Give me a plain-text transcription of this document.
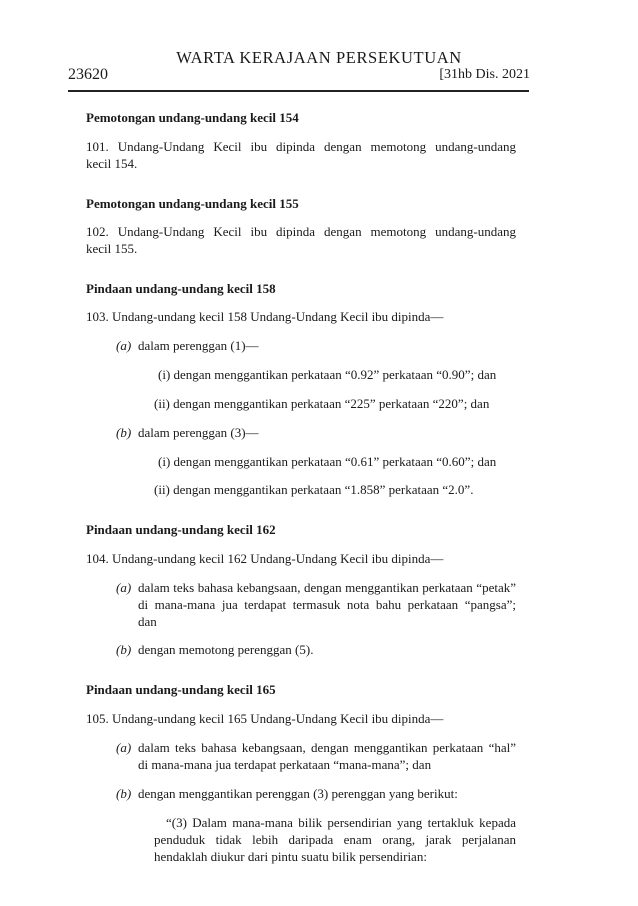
WARTA KERAJAAN PERSEKUTUAN
23620	[31hb Dis. 2021
Pemotongan undang-undang kecil 154
101. Undang-Undang Kecil ibu dipinda dengan memotong undang-undang
kecil 154.
Pemotongan undang-undang kecil 155
102. Undang-Undang Kecil ibu dipinda dengan memotong undang-undang
kecil 155.
Pindaan undang-undang kecil 158
103. Undang-undang kecil 158 Undang-Undang Kecil ibu dipinda—
(a) dalam perenggan (1)—
(i) dengan menggantikan perkataan “0.92” perkataan “0.90”; dan
(ii) dengan menggantikan perkataan “225” perkataan “220”; dan
(b) dalam perenggan (3)—
(i) dengan menggantikan perkataan “0.61” perkataan “0.60”; dan
(ii) dengan menggantikan perkataan “1.858” perkataan “2.0”.
Pindaan undang-undang kecil 162
104. Undang-undang kecil 162 Undang-Undang Kecil ibu dipinda—
(a) dalam teks bahasa kebangsaan, dengan menggantikan perkataan “petak”
di mana-mana jua terdapat termasuk nota bahu perkataan “pangsa”;
dan
(b) dengan memotong perenggan (5).
Pindaan undang-undang kecil 165
105. Undang-undang kecil 165 Undang-Undang Kecil ibu dipinda—
(a) dalam teks bahasa kebangsaan, dengan menggantikan perkataan “hal”
di mana-mana jua terdapat perkataan “mana-mana”; dan
(b) dengan menggantikan perenggan (3) perenggan yang berikut:
“(3) Dalam mana-mana bilik persendirian yang tertakluk kepada
penduduk tidak lebih daripada enam orang, jarak perjalanan
hendaklah diukur dari pintu suatu bilik persendirian:
